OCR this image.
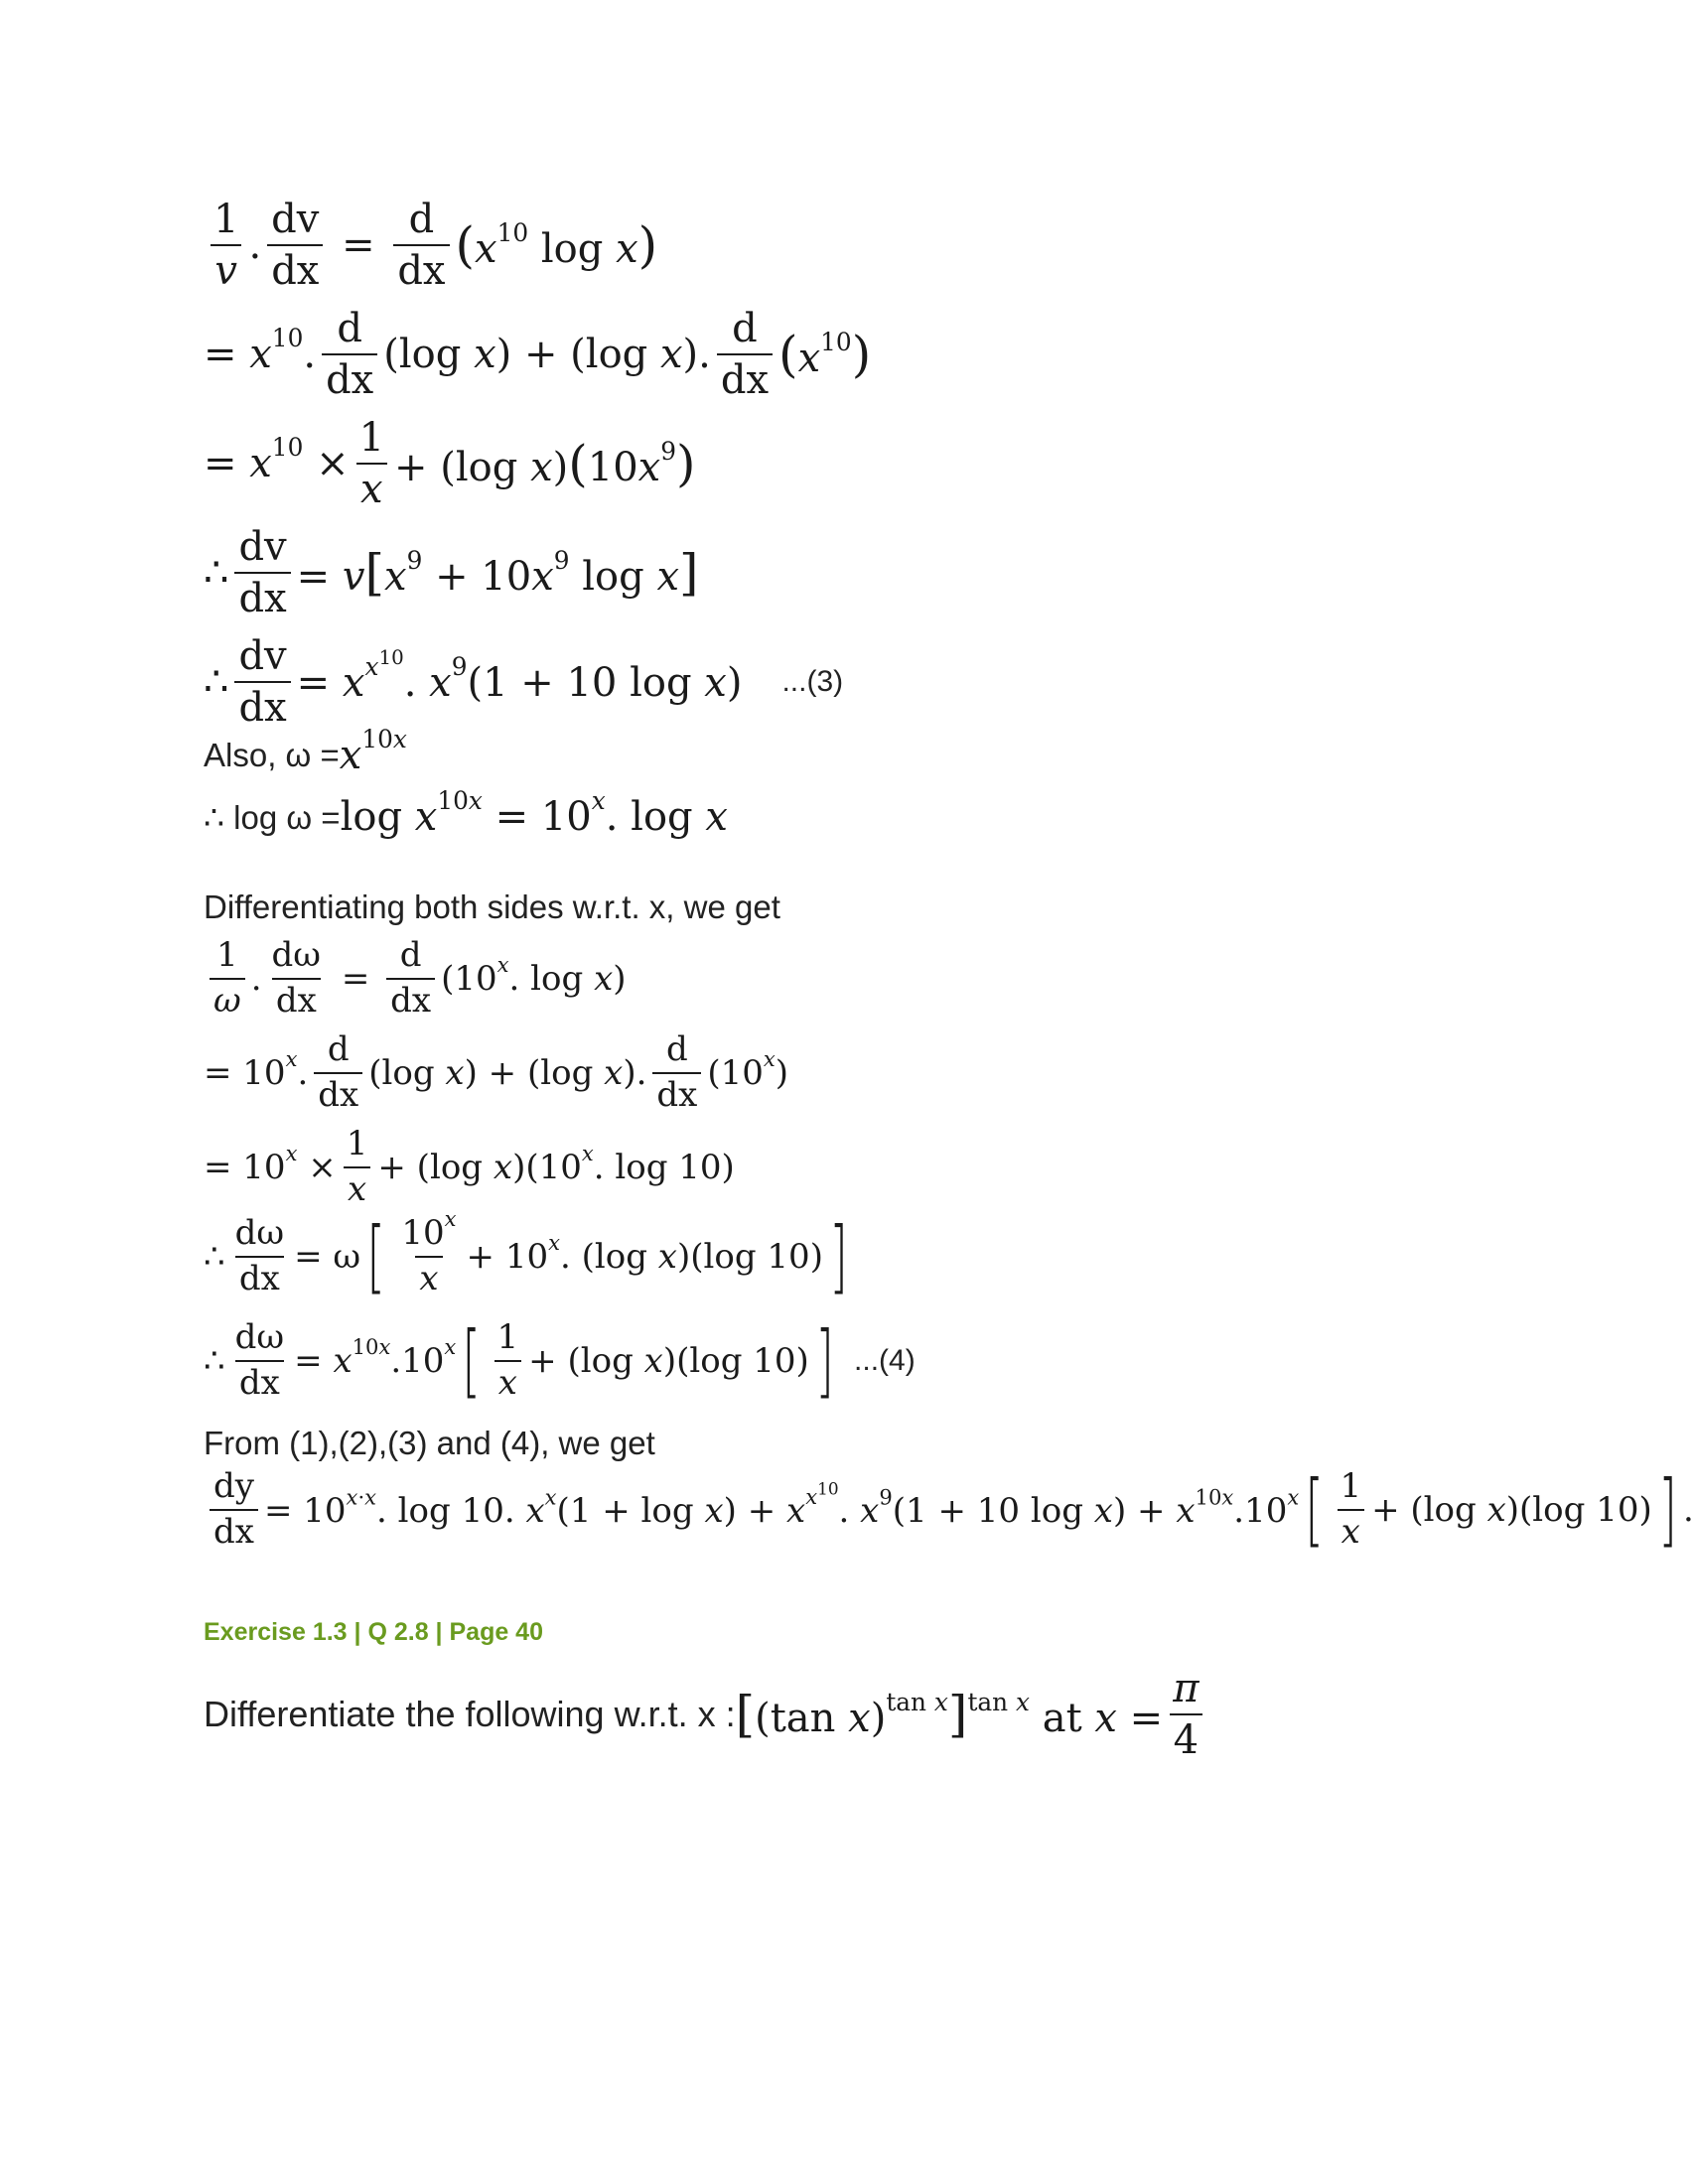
$\frac{1}{v}$ . $\frac{dv}{dx} = \frac{d}{dx} (x^{10}$ log x)
= $x^{10}$. $\frac{d}{dx} (\log$ x) + (log x). $\frac{d}{dx} (x^{10})$
= $x^{10} \times \frac{1}{x} + (\log$ $x)(10x^9)$
∴ $\frac{dv}{dx} = v[x^9 + 10x^9$ log x]
∴ $\frac{dv}{dx} = x^{x^{10}}$. $x^9(1 + 10$ log x) ...(3)
Also, ω = x $^{10x}$
∴ $\log \omega = \log x^{10x} = 10^x$. log x
Differentiating both sides w.r.t. x, we get
$\frac{1}{\omega}$ . $\frac{d\omega}{dx} = \frac{d}{dx} (10^x$. log x)
= $10^x$. $\frac{d}{dx} (\log$ x) + (log x). $\frac{d}{dx} (10^x)$
= $10^x \times \frac{1}{x} + (\log$ x)(10$^x$. log 10)
∴ $\frac{d\omega}{dx} = \omega$ [ $\frac{10^x}{x} + 10^x$. (log x)(log 10) ]
∴ $\frac{d\omega}{dx} = x^{10x}.10^x$ [ $\frac{1}{x} + (\log$ x)(log 10) ] ...(4)
From (1),(2),(3) and (4), we get
$\frac{dy}{dx} = 10^{x\cdot x}$. log 10. $x^x(1 + \log x) + x^{x^{10}}$. $x^9(1 + 10$ $\log x) + x^{10x}.10^x$ [ $\frac{1}{x} + (\log$ x)(log 10) ] .
Exercise 1.3 | Q 2.8 | Page 40
Differentiate the following w.r.t. x : [(tan x)$^{tan x}$]$^{tan x}$ at $x = \frac{\pi}{4}$
